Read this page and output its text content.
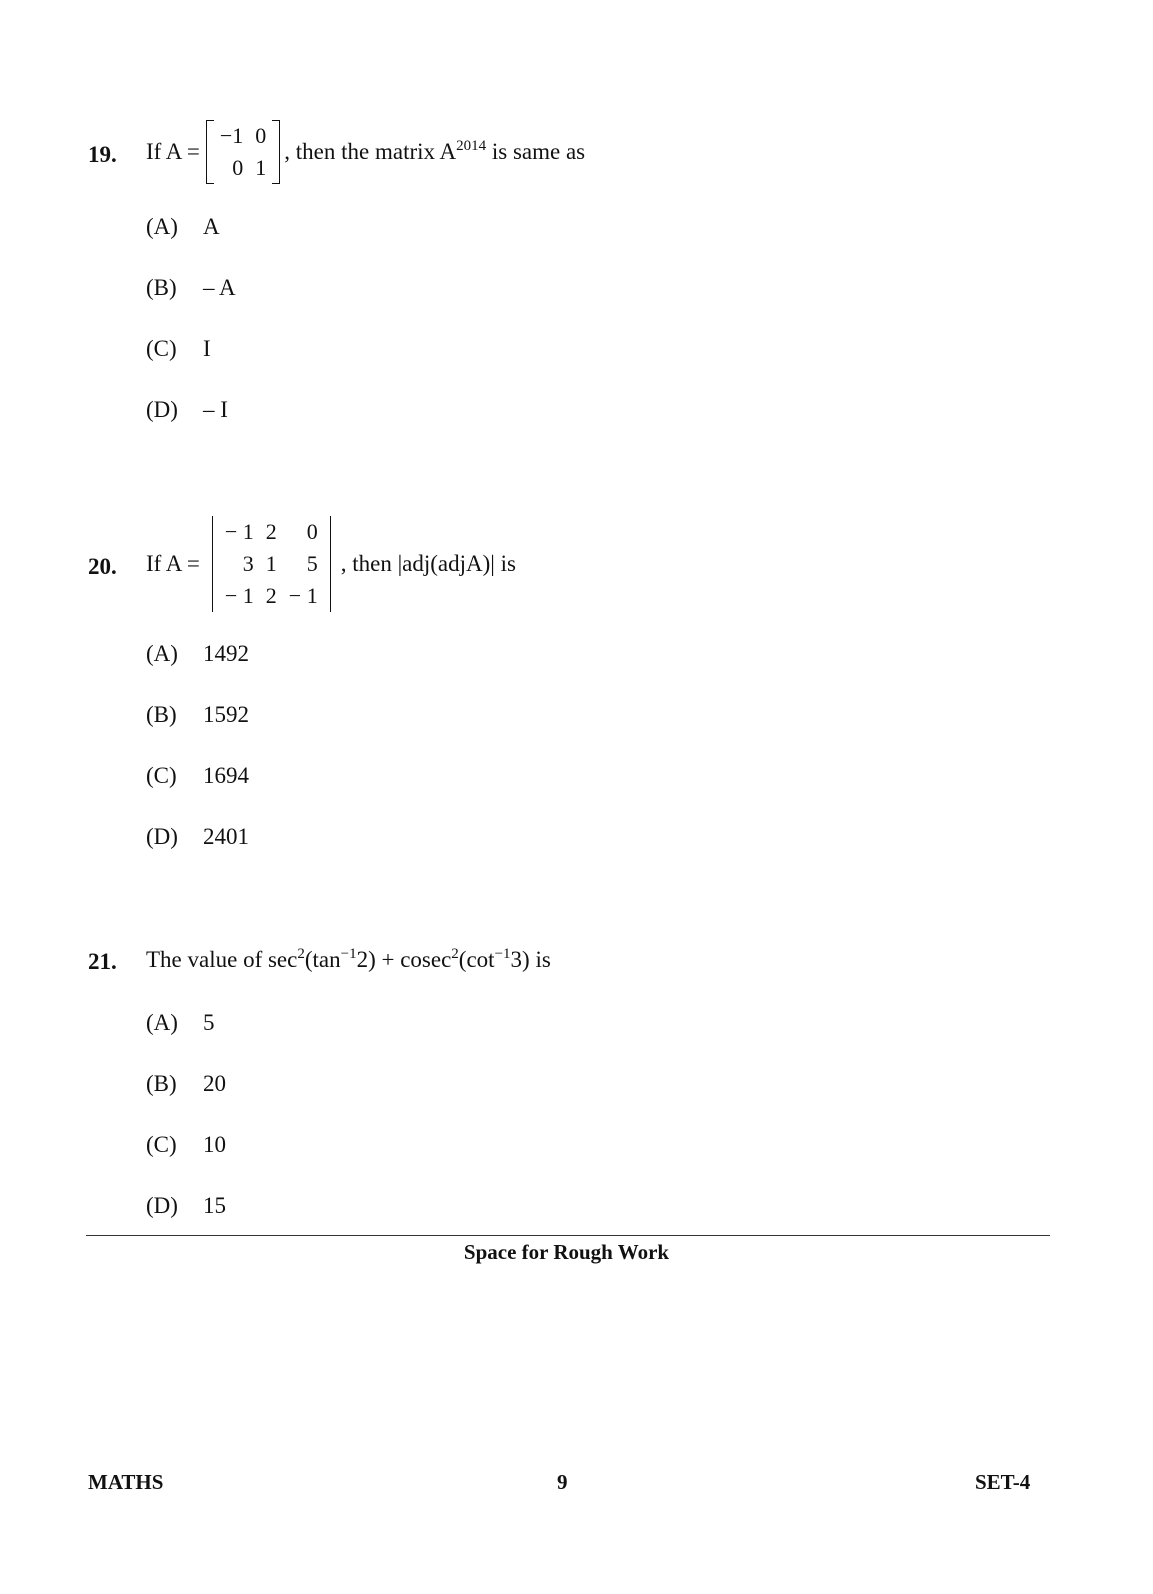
19. If A =
−1	0
0	1
, then the matrix $A^{2014}$ is same as
(A) A
(B) – A
(C) I
(D) – I
20. If A =
− 1	2	0
3	1	5
− 1	2	− 1
, then |adj(adjA)| is
(A) 1492
(B) 1592
(C) 1694
(D) 2401
21. The value of $\sec^2(\tan^{-1}2) + cosec^2(\cot^{-1}3)$ is
(A) 5
(B) 20
(C) 10
(D) 15
Space for Rough Work
MATHS	9	SET-4
